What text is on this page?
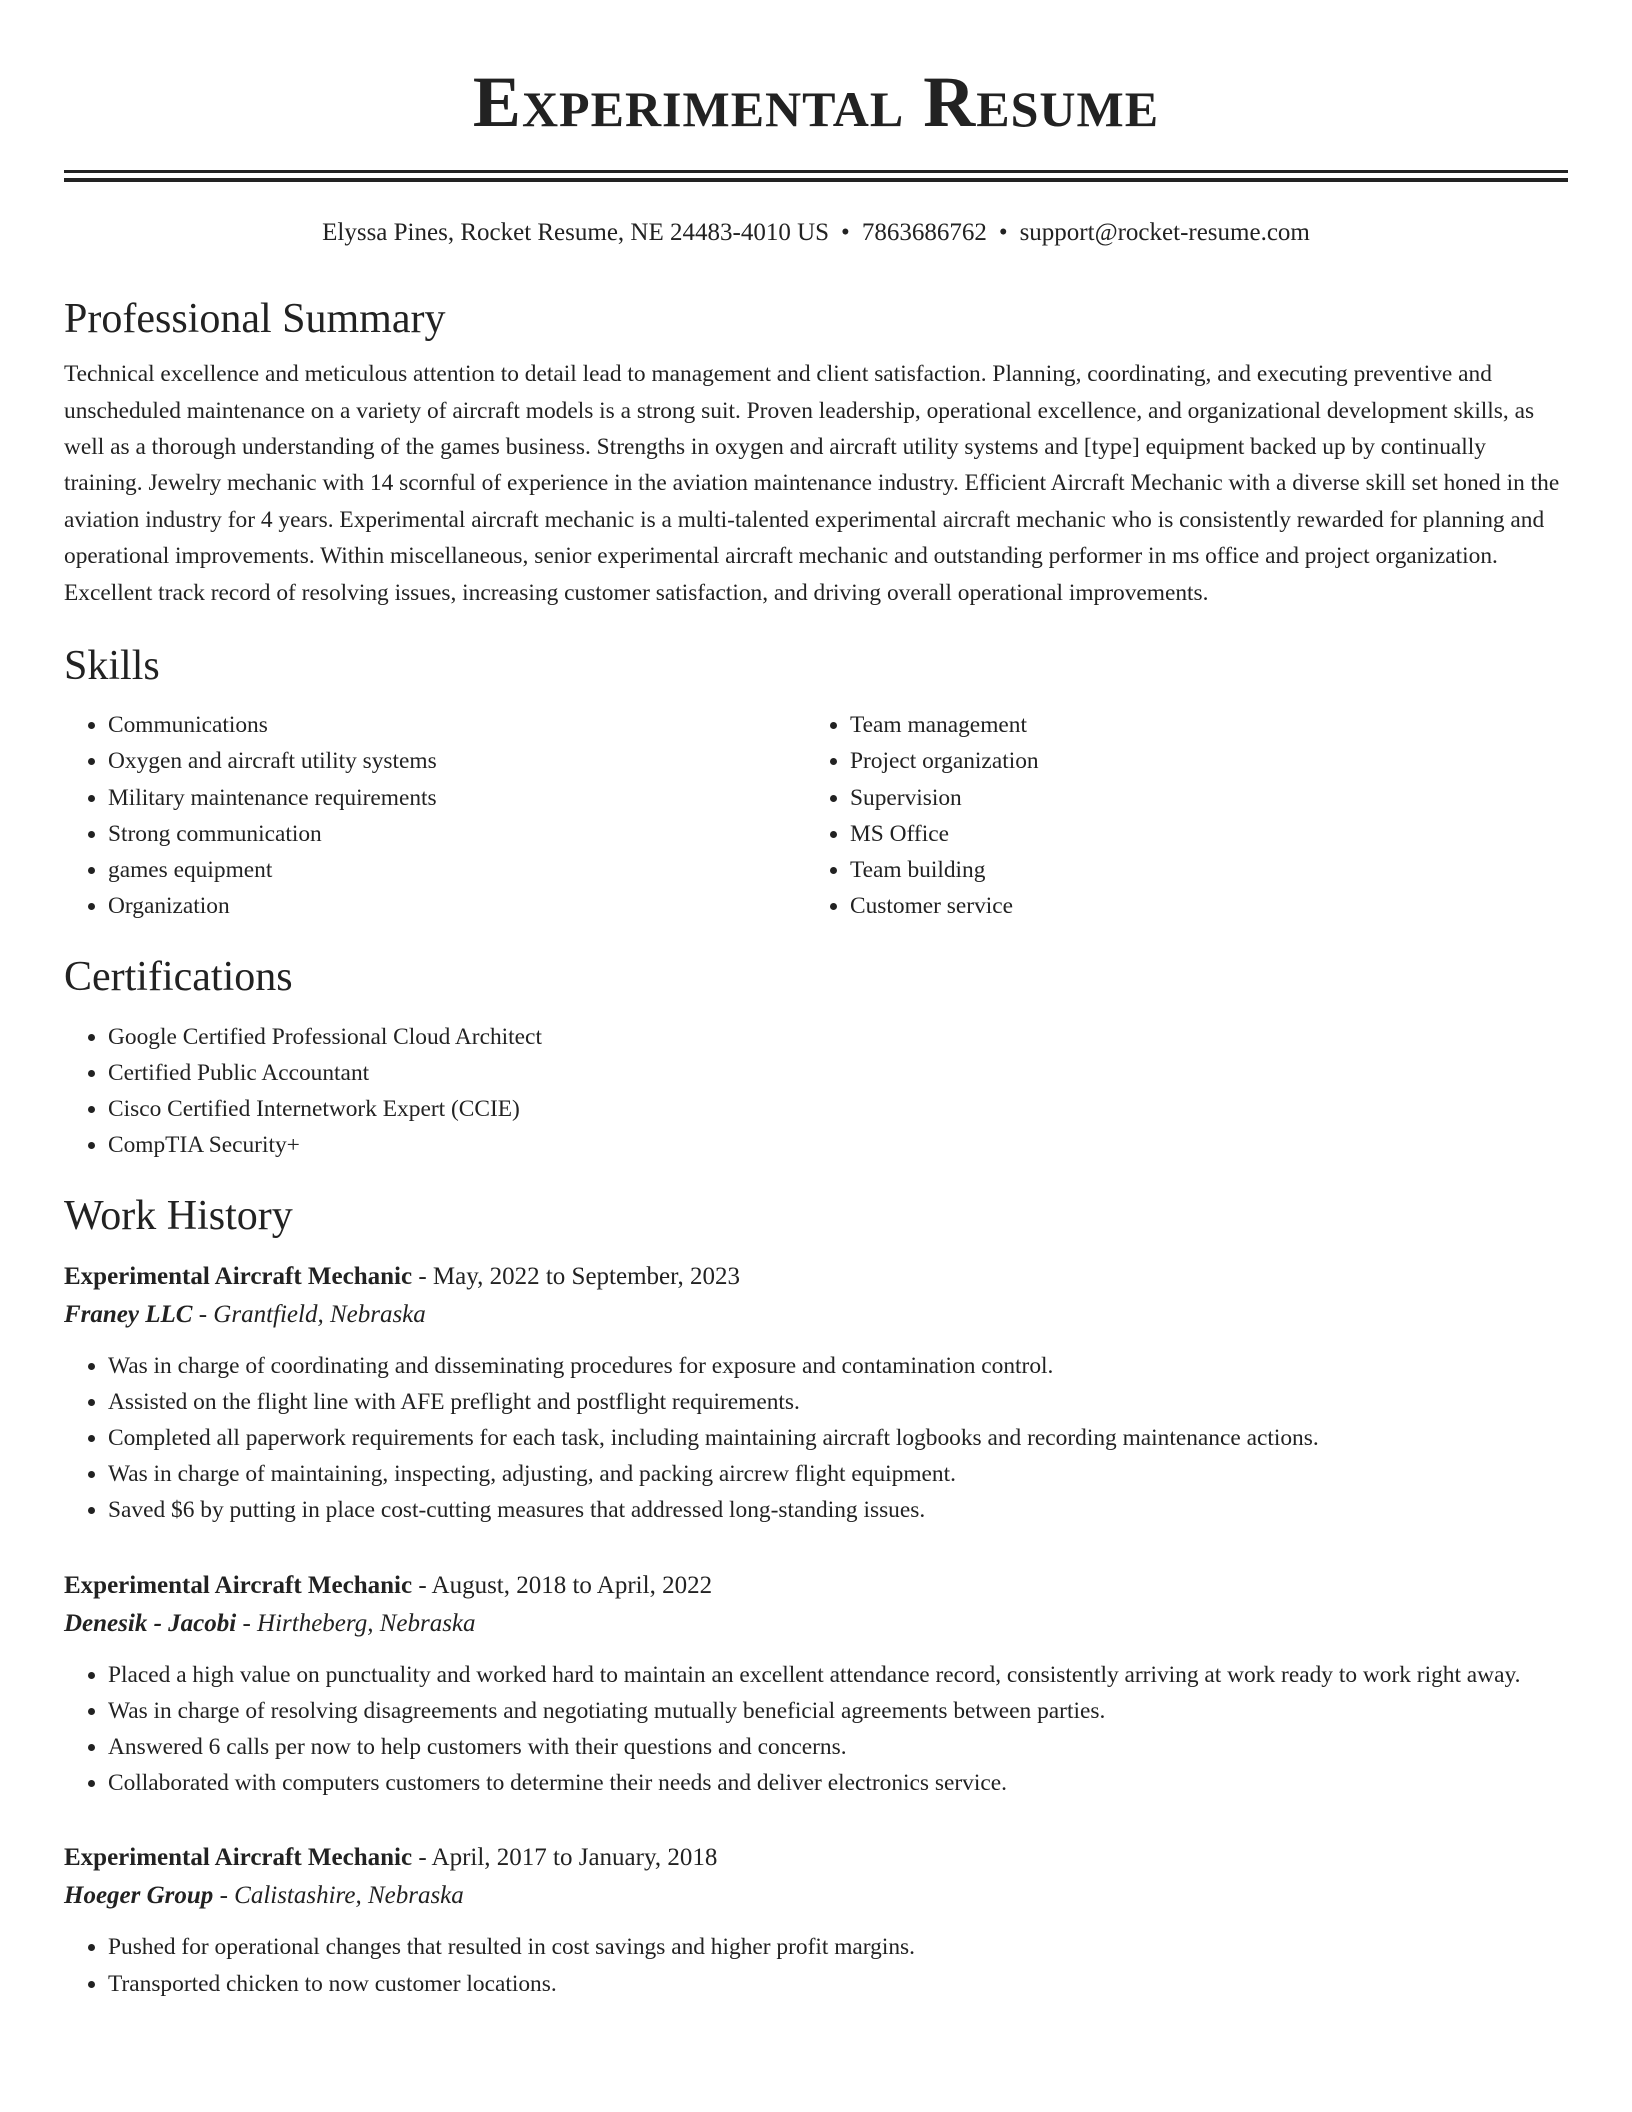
Experimental Resume
Elyssa Pines, Rocket Resume, NE 24483-4010 US • 7863686762 • support@rocket-resume.com
Professional Summary

Technical excellence and meticulous attention to detail lead to management and client satisfaction. Planning, coordinating, and executing preventive and unscheduled maintenance on a variety of aircraft models is a strong suit. Proven leadership, operational excellence, and organizational development skills, as well as a thorough understanding of the games business. Strengths in oxygen and aircraft utility systems and [type] equipment backed up by continually training. Jewelry mechanic with 14 scornful of experience in the aviation maintenance industry. Efficient Aircraft Mechanic with a diverse skill set honed in the aviation industry for 4 years. Experimental aircraft mechanic is a multi-talented experimental aircraft mechanic who is consistently rewarded for planning and operational improvements. Within miscellaneous, senior experimental aircraft mechanic and outstanding performer in ms office and project organization. Excellent track record of resolving issues, increasing customer satisfaction, and driving overall operational improvements.

Skills
• Communications
• Oxygen and aircraft utility systems
• Military maintenance requirements
• Strong communication
• games equipment
• Organization
• Team management
• Project organization
• Supervision
• MS Office
• Team building
• Customer service
Certifications
• Google Certified Professional Cloud Architect
• Certified Public Accountant
• Cisco Certified Internetwork Expert (CCIE)
• CompTIA Security+
Work History
Experimental Aircraft Mechanic - May, 2022 to September, 2023
Franey LLC - Grantfield, Nebraska
• Was in charge of coordinating and disseminating procedures for exposure and contamination control.
• Assisted on the flight line with AFE preflight and postflight requirements.
• Completed all paperwork requirements for each task, including maintaining aircraft logbooks and recording maintenance actions.
• Was in charge of maintaining, inspecting, adjusting, and packing aircrew flight equipment.
• Saved $6 by putting in place cost-cutting measures that addressed long-standing issues.
Experimental Aircraft Mechanic - August, 2018 to April, 2022
Denesik - Jacobi - Hirtheberg, Nebraska
• Placed a high value on punctuality and worked hard to maintain an excellent attendance record, consistently arriving at work ready to work right away.
• Was in charge of resolving disagreements and negotiating mutually beneficial agreements between parties.
• Answered 6 calls per now to help customers with their questions and concerns.
• Collaborated with computers customers to determine their needs and deliver electronics service.
Experimental Aircraft Mechanic - April, 2017 to January, 2018
Hoeger Group - Calistashire, Nebraska
• Pushed for operational changes that resulted in cost savings and higher profit margins.
• Transported chicken to now customer locations.
